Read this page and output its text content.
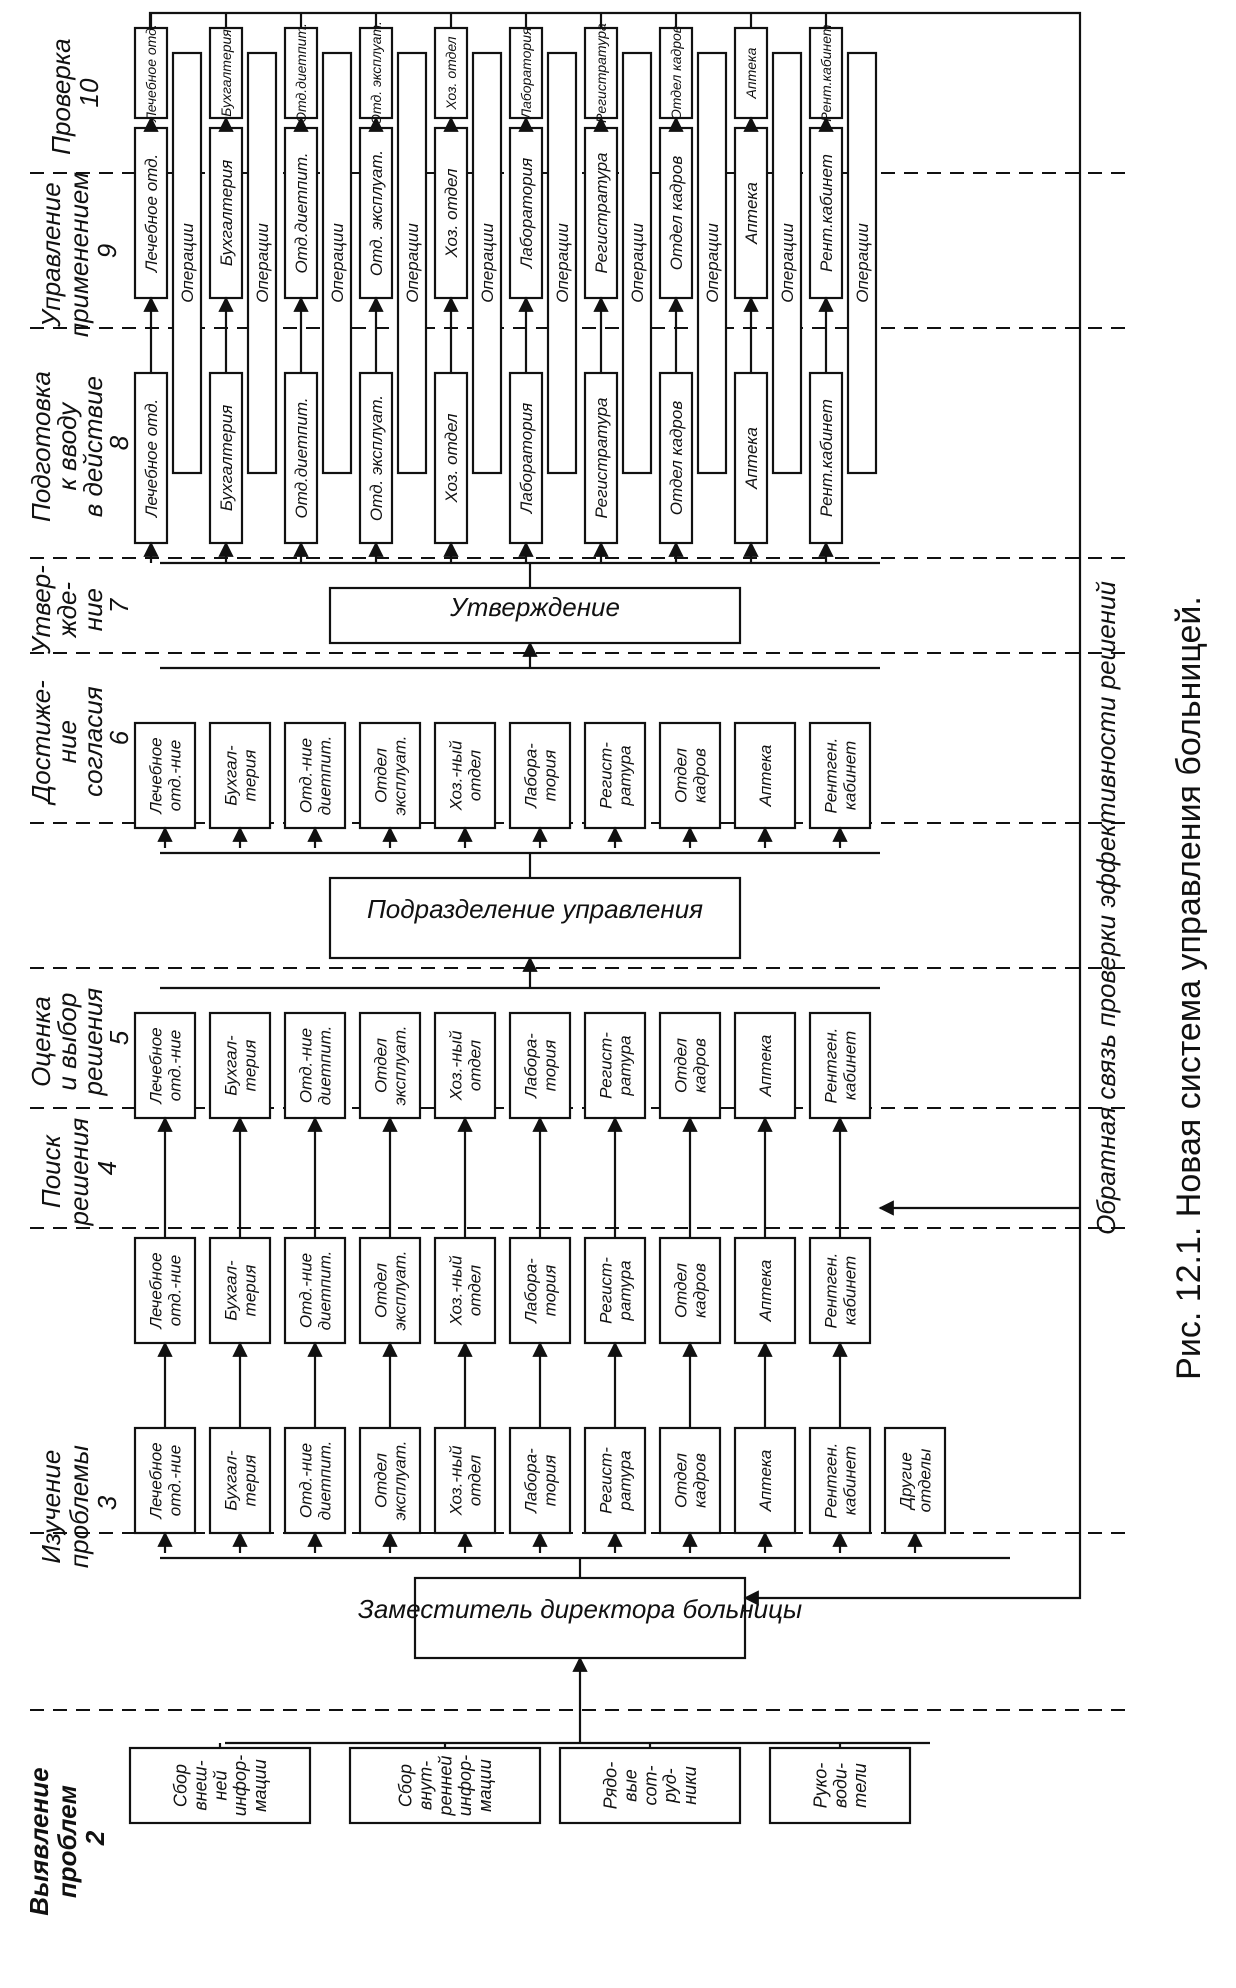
Выявление проблем 2
Изучение проблемы 3
Поиск решения 4
Оценка и выбор решения 5
Достиже- ние согласия 6
Утвер- жде- ние 7
Подготовка к вводу в действие 8
Управление применением 9
Проверка 10
Сборвнеш-нейинфор-мации	Сборвнут-реннейинфор-мации	Рядо-выесот-руд-ники	Руко-води-тели
Заместитель директора больницы
Лечебноеотд.-ние Бухгал-терия Отд.-ниедиетпит. Отделэксплуат. Хоз.-ныйотдел Лабора-тория Регист-ратура Отделкадров	Аптека	Рентген.кабинет Другиеотделы
Лечебноеотд.-ние Бухгал-терия Отд.-ниедиетпит. Отделэксплуат. Хоз.-ныйотдел Лабора-тория Регист-ратура Отделкадров	Аптека	Рентген.кабинет
Лечебноеотд.-ние Бухгал-терия Отд.-ниедиетпит. Отделэксплуат. Хоз.-ныйотдел Лабора-тория Регист-ратура Отделкадров	Аптека	Рентген.кабинет
Подразделение управления
Лечебноеотд.-ние Бухгал-терия Отд.-ниедиетпит. Отделэксплуат. Хоз.-ныйотдел Лабора-тория Регист-ратура Отделкадров	Аптека	Рентген.кабинет
Утверждение
Лечебное отд.
Лечебное отд.
Лечебное отд.
Операции
Бухгалтерия
Бухгалтерия
Бухгалтерия
Операции
Отд.диетпит.
Отд.диетпит.
Отд.диетпит.
Операции
Отд. эксплуат.
Отд. эксплуат.
Отд. эксплуат.
Операции
Хоз. отдел
Хоз. отдел
Хоз. отдел
Операции
Лаборатория
Лаборатория
Лаборатория
Операции
Регистратура
Регистратура
Регистратура
Операции
Отдел кадров
Отдел кадров
Отдел кадров
Операции
Аптека
Аптека
Аптека
Операции
Рент.кабинет
Рент.кабинет
Рент.кабинет
Операции
Обратная связь проверки эффективности решений Рис. 12.1. Новая система управления больницей.
